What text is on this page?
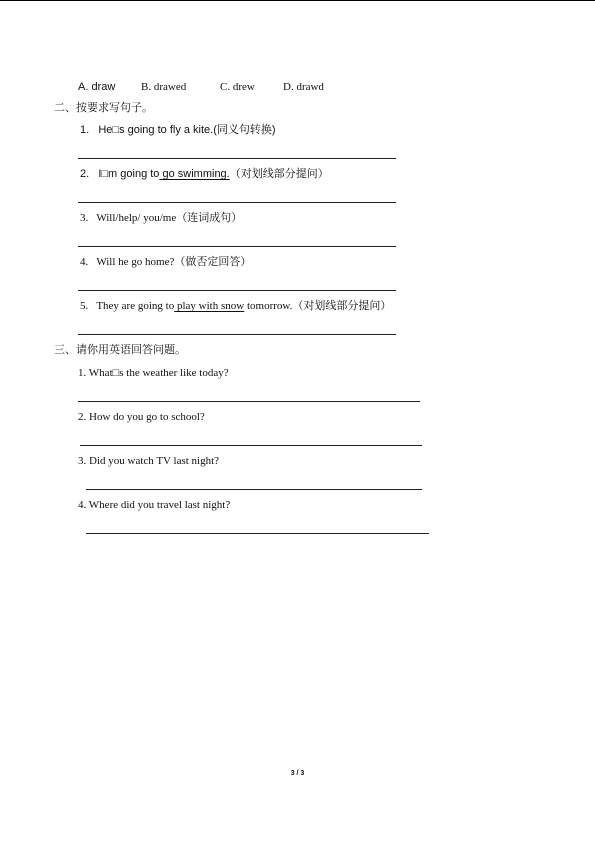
A. draw B. drawed	C. drew	D. drawd
二、按要求写句子。
1. He□s going to fly a kite.(同义句转换)
2. I□m going to go swimming.（对划线部分提问）
3. Will/help/ you/me（连词成句）
4. Will he go home?（做否定回答）
5. They are going to play with snow tomorrow.（对划线部分提问）
三、请你用英语回答问题。
1. What□s the weather like today?
2. How do you go to school?
3. Did you watch TV last night?
4. Where did you travel last night?
3 / 3
